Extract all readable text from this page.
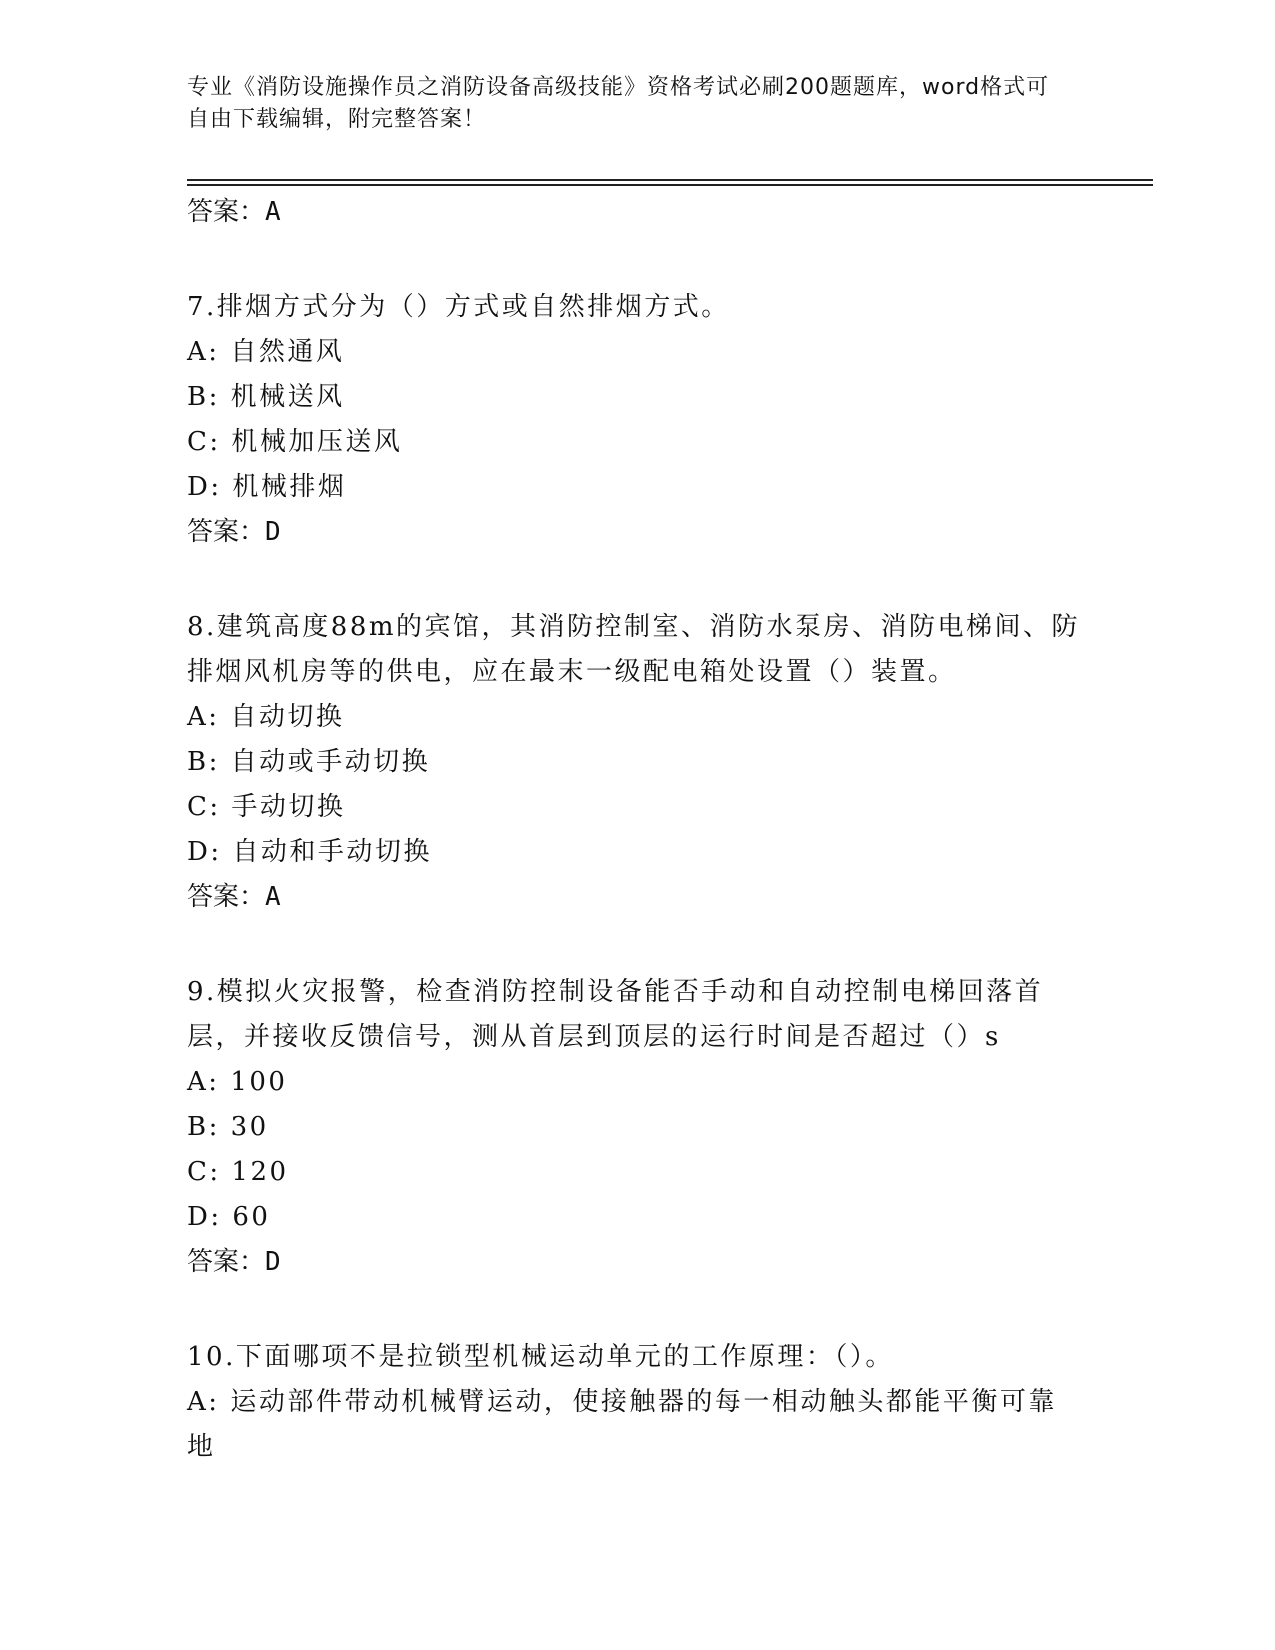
专业《消防设施操作员之消防设备高级技能》资格考试必刷200题题库，word格式可自由下载编辑，附完整答案！
答案：A
7.排烟方式分为（）方式或自然排烟方式。
A: 自然通风
B: 机械送风
C: 机械加压送风
D: 机械排烟
答案：D
8.建筑高度88m的宾馆，其消防控制室、消防水泵房、消防电梯间、防排烟风机房等的供电，应在最末一级配电箱处设置（）装置。
A: 自动切换
B: 自动或手动切换
C: 手动切换
D: 自动和手动切换
答案：A
9.模拟火灾报警，检查消防控制设备能否手动和自动控制电梯回落首层，并接收反馈信号，测从首层到顶层的运行时间是否超过（）s
A: 100
B: 30
C: 120
D: 60
答案：D
10.下面哪项不是拉锁型机械运动单元的工作原理：（）。
A: 运动部件带动机械臂运动，使接触器的每一相动触头都能平衡可靠地
